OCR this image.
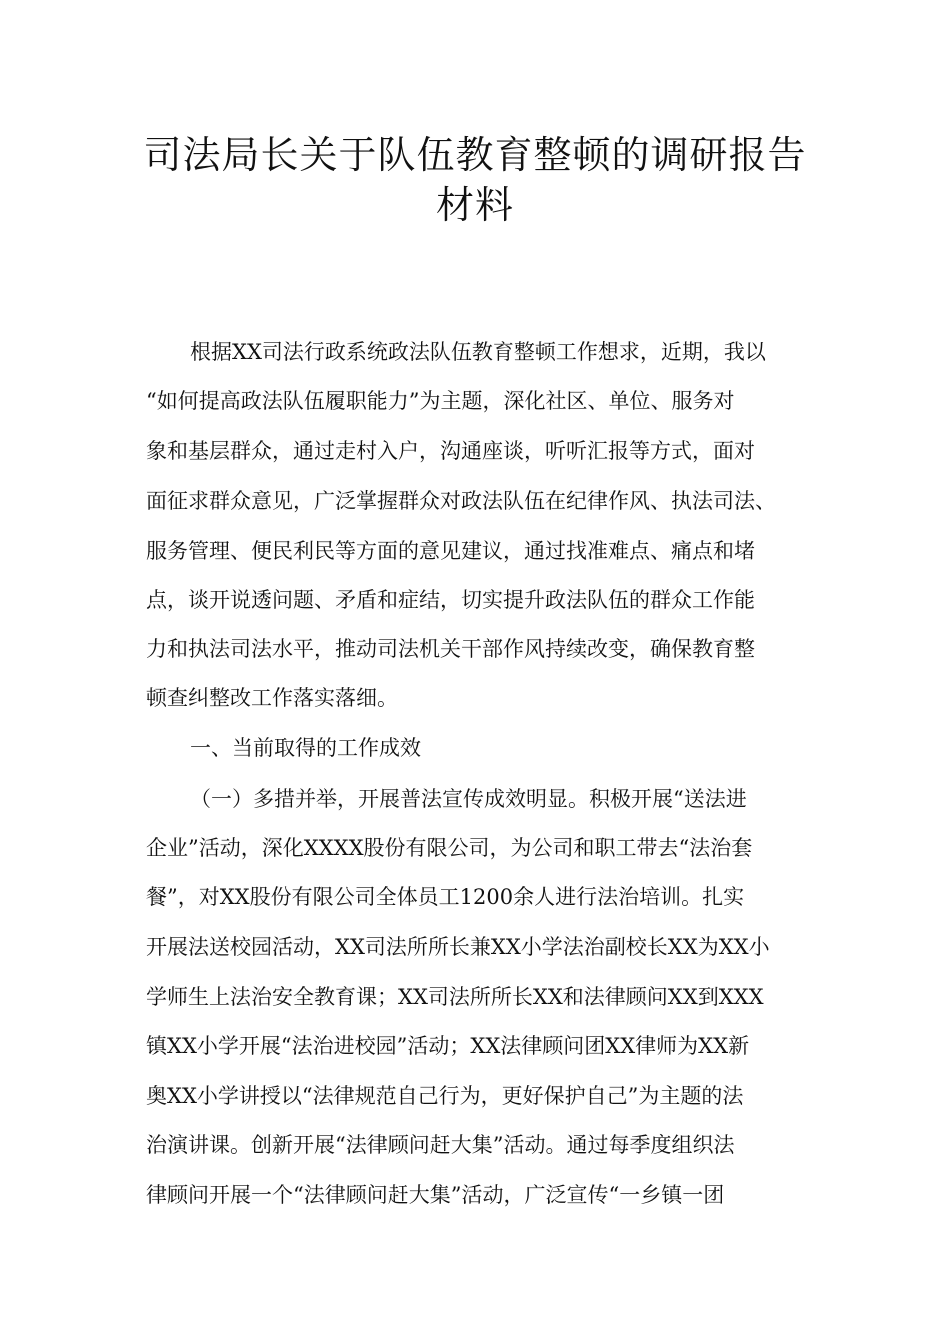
司法局长关于队伍教育整顿的调研报告
材料

根据XX司法行政系统政法队伍教育整顿工作想求，近期，我以

“如何提高政法队伍履职能力”为主题，深化社区、单位、服务对

象和基层群众，通过走村入户，沟通座谈，听听汇报等方式，面对

面征求群众意见，广泛掌握群众对政法队伍在纪律作风、执法司法、

服务管理、便民利民等方面的意见建议，通过找准难点、痛点和堵

点，谈开说透问题、矛盾和症结，切实提升政法队伍的群众工作能

力和执法司法水平，推动司法机关干部作风持续改变，确保教育整

顿查纠整改工作落实落细。

一、当前取得的工作成效

（一）多措并举，开展普法宣传成效明显。积极开展“送法进

企业”活动，深化XXXX股份有限公司，为公司和职工带去“法治套

餐”，对XX股份有限公司全体员工1200余人进行法治培训。扎实

开展法送校园活动，XX司法所所长兼XX小学法治副校长XX为XX小

学师生上法治安全教育课；XX司法所所长XX和法律顾问XX到XXX

镇XX小学开展“法治进校园”活动；XX法律顾问团XX律师为XX新

奥XX小学讲授以“法律规范自己行为，更好保护自己”为主题的法

治演讲课。创新开展“法律顾问赶大集”活动。通过每季度组织法

律顾问开展一个“法律顾问赶大集”活动，广泛宣传“一乡镇一团
